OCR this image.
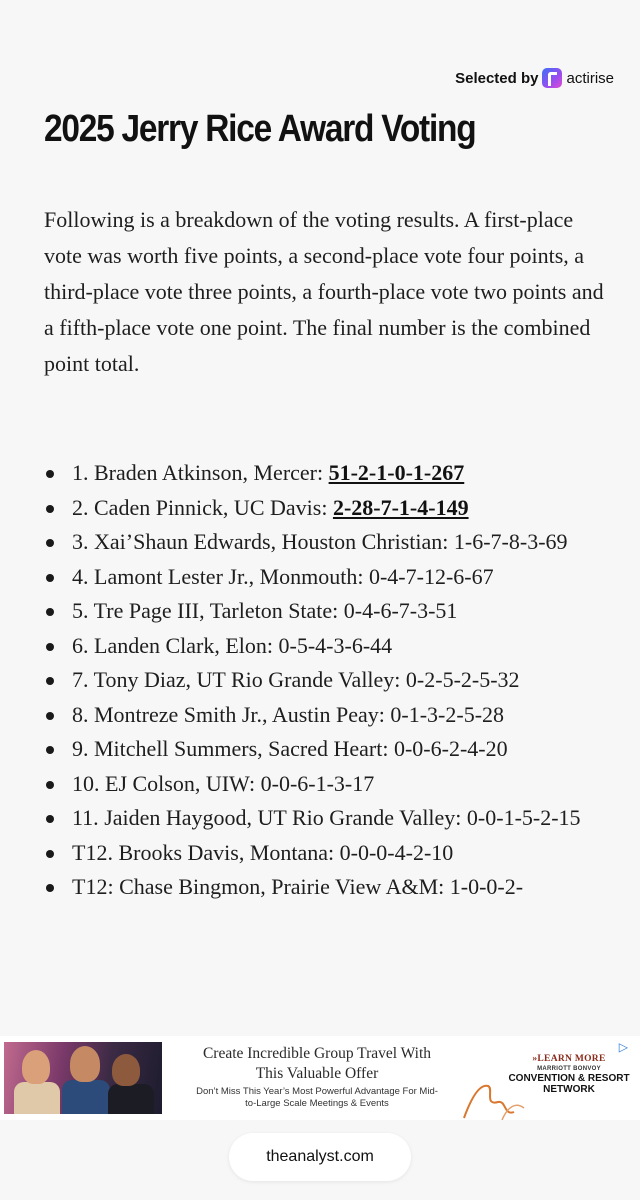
Selected by actirise
2025 Jerry Rice Award Voting

Following is a breakdown of the voting results. A first-place vote was worth five points, a second-place vote four points, a third-place vote three points, a fourth-place vote two points and a fifth-place vote one point. The final number is the combined point total.

1. Braden Atkinson, Mercer: 51-2-1-0-1-267
2. Caden Pinnick, UC Davis: 2-28-7-1-4-149
3. Xai’Shaun Edwards, Houston Christian: 1-6-7-8-3-69
4. Lamont Lester Jr., Monmouth: 0-4-7-12-6-67
5. Tre Page III, Tarleton State: 0-4-6-7-3-51
6. Landen Clark, Elon: 0-5-4-3-6-44
7. Tony Diaz, UT Rio Grande Valley: 0-2-5-2-5-32
8. Montreze Smith Jr., Austin Peay: 0-1-3-2-5-28
9. Mitchell Summers, Sacred Heart: 0-0-6-2-4-20
10. EJ Colson, UIW: 0-0-6-1-3-17
11. Jaiden Haygood, UT Rio Grande Valley: 0-0-1-5-2-15
T12. Brooks Davis, Montana: 0-0-0-4-2-10
T12: Chase Bingmon, Prairie View A&M: 1-0-0-2-
Create Incredible Group Travel With This Valuable Offer
Don’t Miss This Year’s Most Powerful Advantage For Mid-to-Large Scale Meetings & Events
»LEARN MORE
MARRIOTT BONVOY
CONVENTION & RESORT NETWORK
▷
theanalyst.com
